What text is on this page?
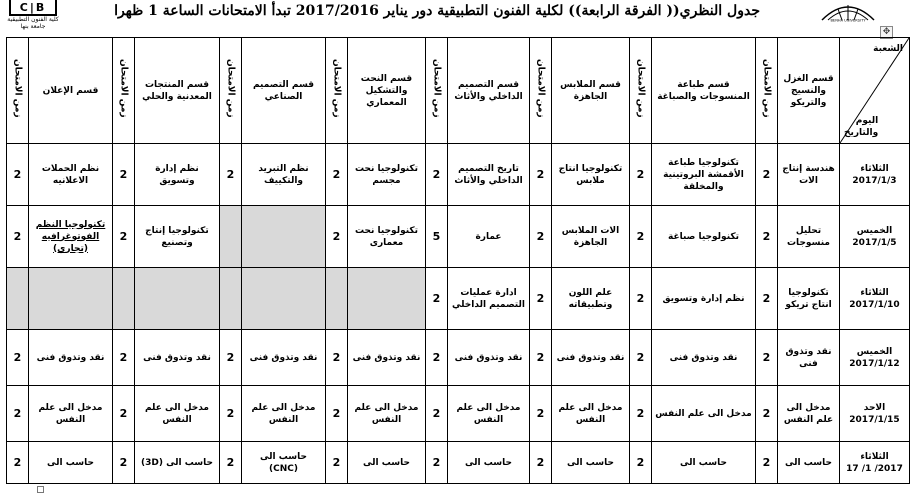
C|B
كلية الفنون التطبيقية
جامعة بنها
BENHA UNIVERSITY
جدول النظري(( الفرقة الرابعة)) لكلية الفنون التطبيقية دور يناير 2017/2016 تبدأ الامتحانات الساعة 1 ظهرا
✥
الشعبة
اليوم
والتاريخ	قسم الغزل والنسيج والتريكو	زمن الامتحان	قسم طباعة المنسوجات والصباغة	زمن الامتحان	قسم الملابس الجاهزة	زمن الامتحان	قسم التصميم الداخلي والأثاث	زمن الامتحان	قسم النحت والتشكيل المعماري	زمن الامتحان	قسم التصميم الصناعي	زمن الامتحان	قسم المنتجات المعدنية والحلي	زمن الامتحان	قسم الإعلان	زمن الامتحان
الثلاثاء
2017/1/3	هندسة إنتاج الات	2	تكنولوجيا طباعة الأقمشة البروتينية والمخلقة	2	تكنولوجيا انتاج ملابس	2	تاريخ التصميم الداخلي والأثاث	2	تكنولوجيا نحت مجسم	2	نظم التبريد والتكييف	2	نظم إدارة وتسويق	2	نظم الحملات الاعلانيه	2
الخميس
2017/1/5	تحليل منسوجات	2	تكنولوجيا صباغة	2	الات الملابس الجاهزة	2	عمارة	5	تكنولوجيا نحت معمارى	2			تكنولوجيا إنتاج وتصنيع	2	تكنولوجيا النظم الفوتوغرافيه (تجاري)	2
الثلاثاء
2017/1/10	تكنولوجيا انتاج تريكو	2	نظم إدارة وتسويق	2	علم اللون وتطبيقاته	2	ادارة عمليات التصميم الداخلي	2								
الخميس
2017/1/12	نقد وتذوق فنى	2	نقد وتذوق فنى	2	نقد وتذوق فنى	2	نقد وتذوق فنى	2	نقد وتذوق فنى	2	نقد وتذوق فنى	2	نقد وتذوق فنى	2	نقد وتذوق فنى	2
الاحد
2017/1/15	مدخل الى علم النفس	2	مدخل الى علم النفس	2	مدخل الى علم النفس	2	مدخل الى علم النفس	2	مدخل الى علم النفس	2	مدخل الى علم النفس	2	مدخل الى علم النفس	2	مدخل الى علم النفس	2
الثلاثاء
2017/ 1/ 17	حاسب الى	2	حاسب الى	2	حاسب الى	2	حاسب الى	2	حاسب الى	2	حاسب الى (CNC)	2	حاسب الى (3D)	2	حاسب الى	2
